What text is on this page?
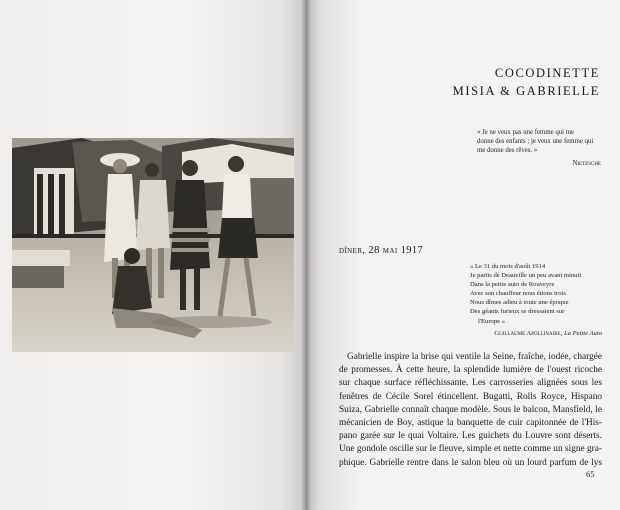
COCODINETTE
MISIA & GABRIELLE
« Je ne veux pas une femme qui me
donne des enfants ; je veux une femme qui
me donne des rêves. »
Nietzsche
dîner, 28 mai 1917
« Le 31 du mois d'août 1914
Je partis de Deauville un peu avant minuit
Dans la petite auto de Rouveyre
Avec son chauffeur nous étions trois
Nous dîmes adieu à toute une époque
Des géants furieux se dressaient sur
l'Europe »
Guillaume Apollinaire, La Petite Auto
Gabrielle inspire la brise qui ventile la Seine, fraîche, iodée, chargée
de promesses. À cette heure, la splendide lumière de l'ouest ricoche
sur chaque surface réfléchissante. Les carrosseries alignées sous les
fenêtres de Cécile Sorel étincellent. Bugatti, Rolls Royce, Hispano
Suiza, Gabrielle connaît chaque modèle. Sous le balcon, Mansfield, le
mécanicien de Boy, astique la banquette de cuir capitonnée de l'His-
pano garée sur le quai Voltaire. Les guichets du Louvre sont déserts.
Une gondole oscille sur le fleuve, simple et nette comme un signe gra-
phique. Gabrielle rentre dans le salon bleu où un lourd parfum de lys
65
